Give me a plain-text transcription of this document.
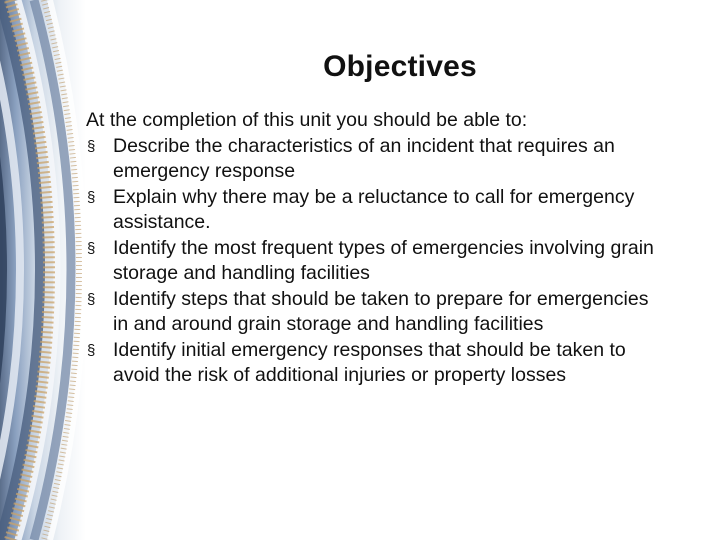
Objectives

At the completion of this unit you should be able to:

§ Describe the characteristics of an incident that requires an emergency response
§ Explain why there may be a reluctance to call for emergency assistance.
§ Identify the most frequent types of emergencies involving grain storage and handling facilities
§ Identify steps that should be taken to prepare for emergencies in and around grain storage and handling facilities
§ Identify initial emergency responses that should be taken to avoid the risk of additional injuries or property losses
